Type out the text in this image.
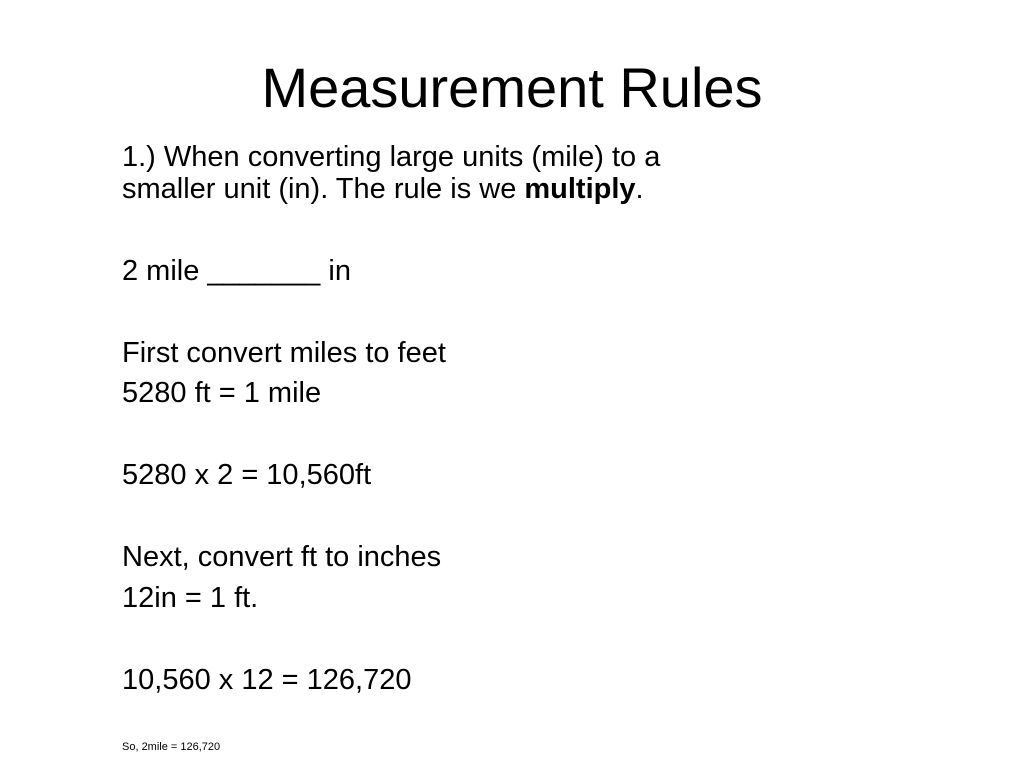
Measurement Rules
1.) When converting large units (mile) to a
smaller unit (in). The rule is we multiply.
2 mile _______ in
First convert miles to feet
5280 ft = 1 mile
5280 x 2 = 10,560ft
Next, convert ft to inches
12in = 1 ft.
10,560 x 12 = 126,720
So, 2mile = 126,720
